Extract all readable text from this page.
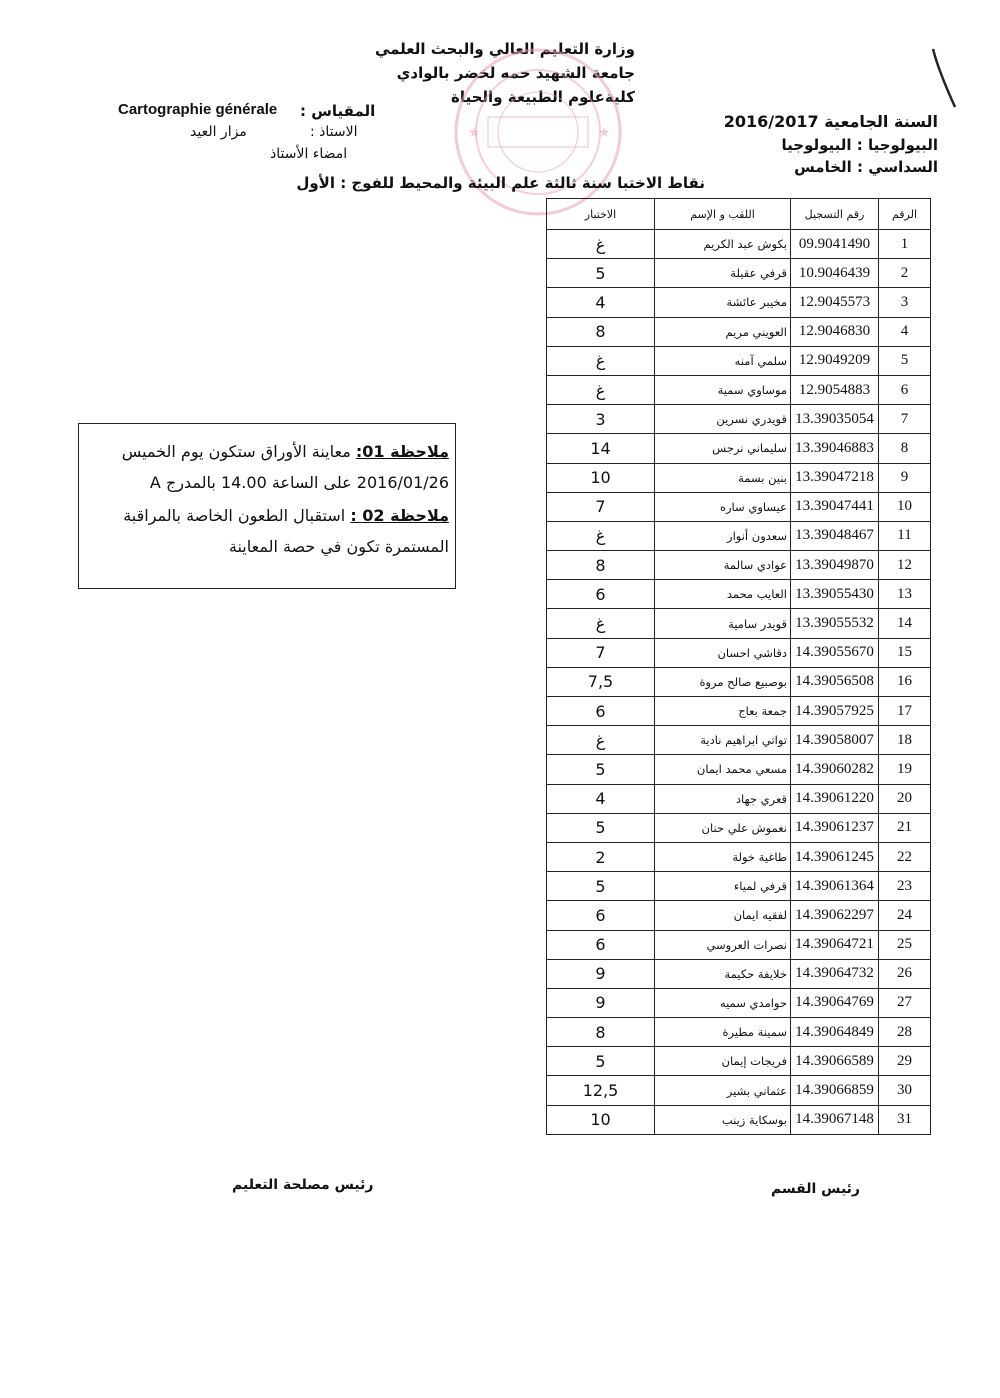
وزارة التعليم العالي والبحث العلمي
جامعة الشهيد حمه لخضر بالوادي
كليةعلوم الطبيعة والحياة
★	★
السنة الجامعية 2016/2017
البيولوجيا : البيولوجيا
السداسي : الخامس
المقياس :
Cartographie générale
الاستاذ :
مزار العيد
امضاء الأستاذ
نقاط الاختبا سنة ثالثة علم البيئة والمحيط للفوج : الأول
الرقم	رقم التسجيل	اللقب و الإسم	الاختبار
1	09.9041490	بكوش عبد الكريم	غ
2	10.9046439	قرفي عقيلة	5
3	12.9045573	مخيبر عائشة	4
4	12.9046830	العويني مريم	8
5	12.9049209	سلمي آمنه	غ
6	12.9054883	موساوي سمية	غ
7	13.39035054	قويدري نسرين	3
8	13.39046883	سليماني نرجس	14
9	13.39047218	بنين بسمة	10
10	13.39047441	عيساوي ساره	7
11	13.39048467	سعدون أنوار	غ
12	13.39049870	عوادي سالمة	8
13	13.39055430	العايب محمد	6
14	13.39055532	قويدر سامية	غ
15	14.39055670	دقاشي احسان	7
16	14.39056508	بوصبيع صالح مروة	7,5
17	14.39057925	جمعة بعاج	6
18	14.39058007	تواتي ابراهيم نادية	غ
19	14.39060282	مسعي محمد ايمان	5
20	14.39061220	قعري جهاد	4
21	14.39061237	نغموش علي حنان	5
22	14.39061245	طاغية خولة	2
23	14.39061364	قرفي لمياء	5
24	14.39062297	لفقيه ايمان	6
25	14.39064721	نصرات العروسي	6
26	14.39064732	خلايفة حكيمة	9
27	14.39064769	حوامدي سميه	9
28	14.39064849	سمينة مطيرة	8
29	14.39066589	فريجات إيمان	5
30	14.39066859	عثماني بشير	12,5
31	14.39067148	بوسكاية زينب	10
ملاحظة 01: معاينة الأوراق ستكون يوم الخميس 2016/01/26 على الساعة 14.00 بالمدرج A
ملاحظة 02 : استقبال الطعون الخاصة بالمراقبة المستمرة تكون في حصة المعاينة
رئيس القسم
رئيس مصلحة التعليم
